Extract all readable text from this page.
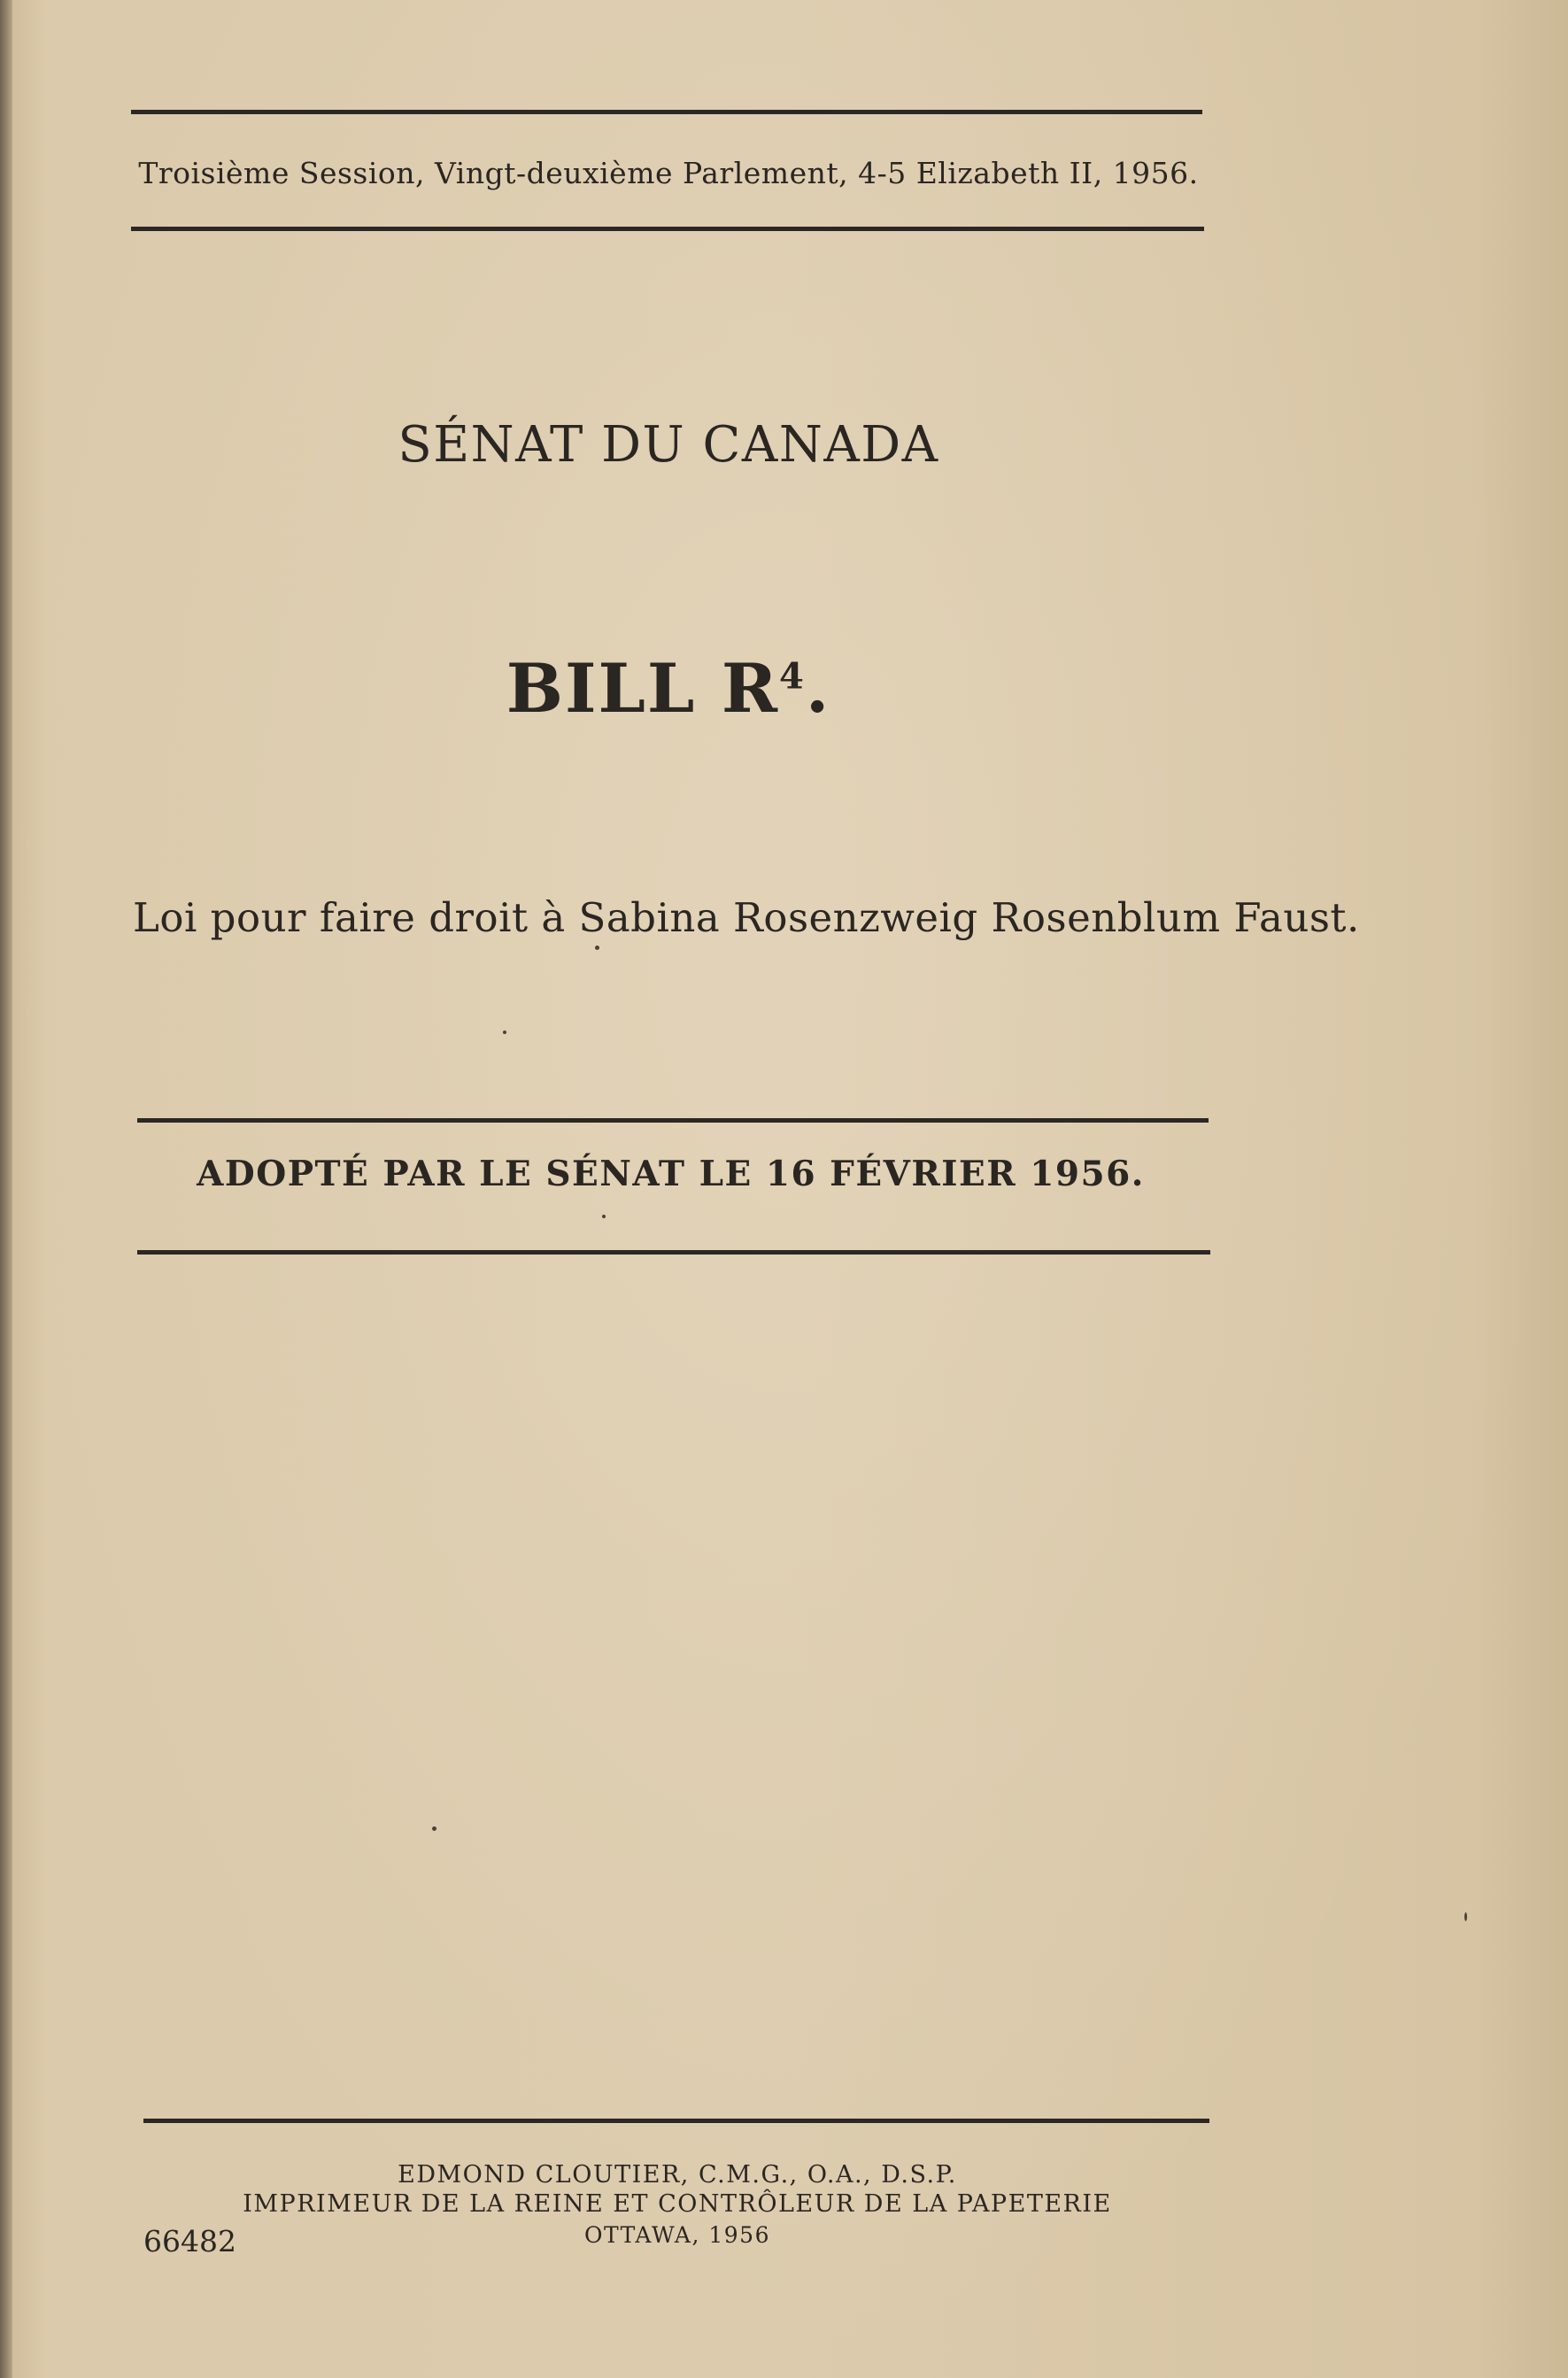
Troisième Session, Vingt-deuxième Parlement, 4-5 Elizabeth II, 1956.
SÉNAT DU CANADA
BILL $R^4$.
Loi pour faire droit à Sabina Rosenzweig Rosenblum Faust.
ADOPTÉ PAR LE SÉNAT LE 16 FÉVRIER 1956.
EDMOND CLOUTIER, C.M.G., O.A., D.S.P.
IMPRIMEUR DE LA REINE ET CONTRÔLEUR DE LA PAPETERIE
OTTAWA, 1956
66482
